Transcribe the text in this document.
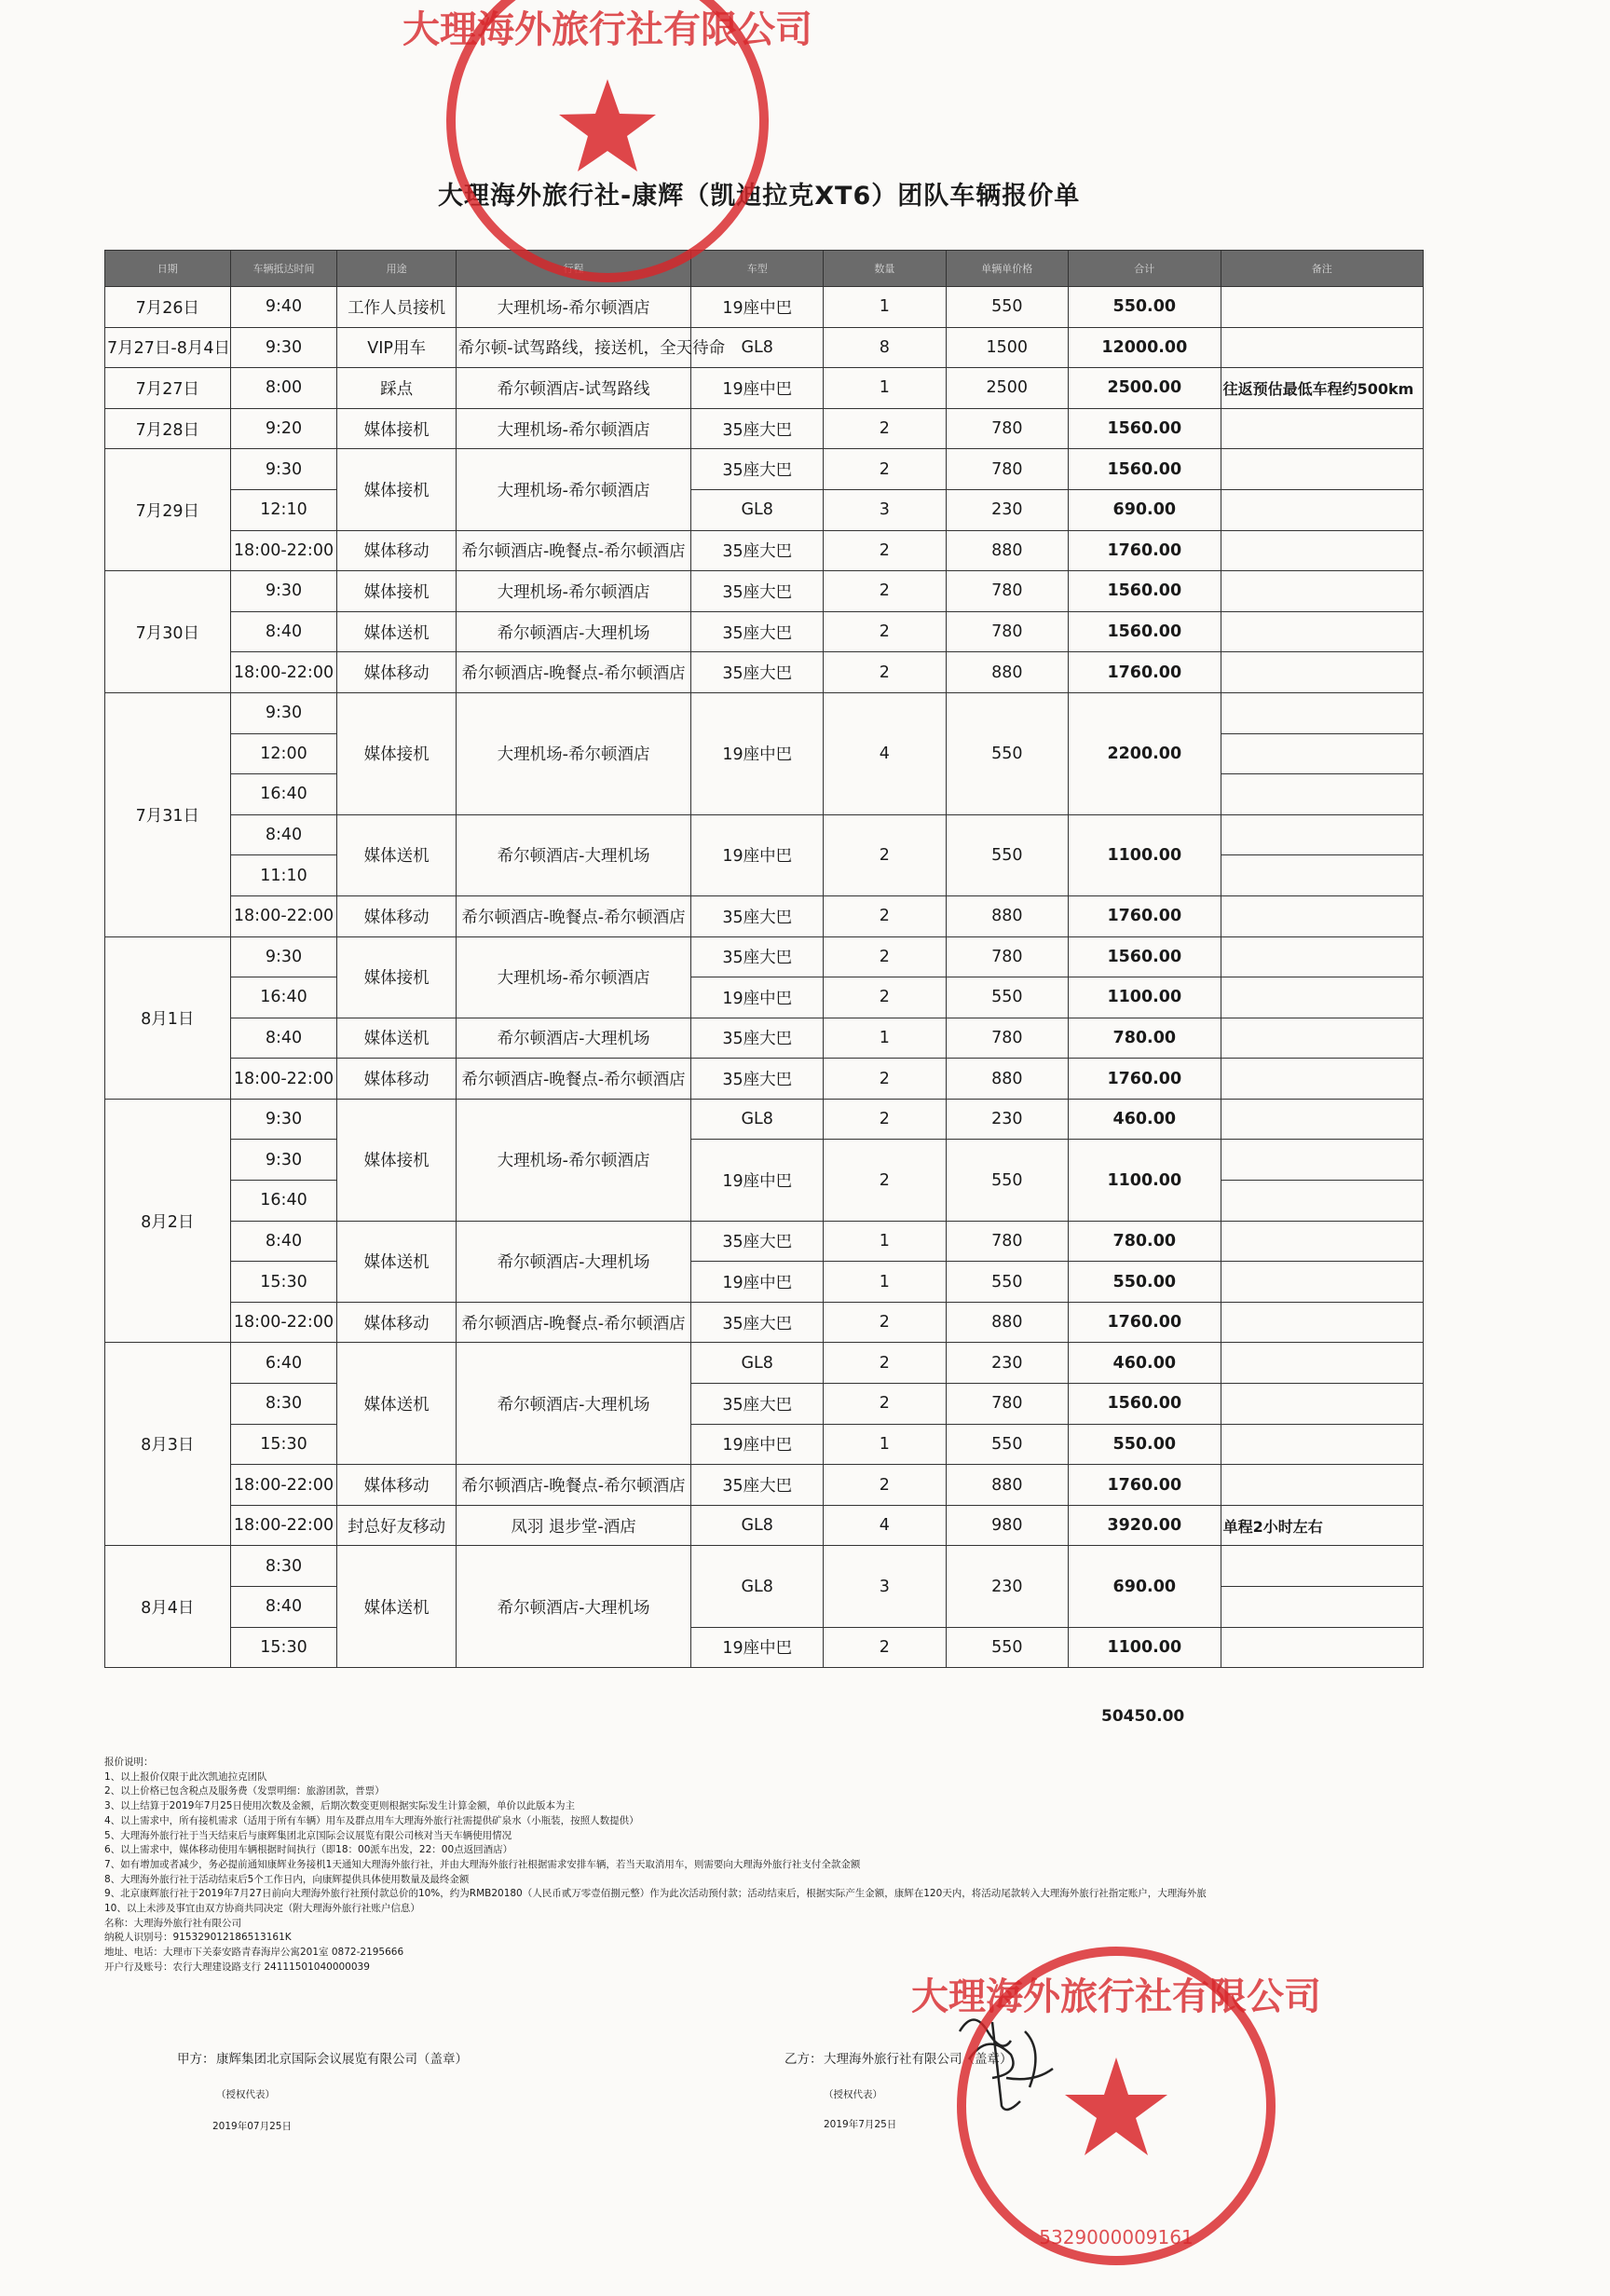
大理海外旅行社-康辉（凯迪拉克XT6）团队车辆报价单
日期	车辆抵达时间	用途	行程	车型	数量	单辆单价格	合计	备注
7月26日	9:40	工作人员接机	大理机场-希尔顿酒店	19座中巴	1	550	550.00	
7月27日-8月4日	9:30	VIP用车	希尔顿-试驾路线，接送机，全天待命	GL8	8	1500	12000.00	
7月27日	8:00	踩点	希尔顿酒店-试驾路线	19座中巴	1	2500	2500.00	往返预估最低车程约500km
7月28日	9:20	媒体接机	大理机场-希尔顿酒店	35座大巴	2	780	1560.00	
7月29日	9:30	媒体接机	大理机场-希尔顿酒店	35座大巴	2	780	1560.00	
	12:10			GL8	3	230	690.00	
	18:00-22:00	媒体移动	希尔顿酒店-晚餐点-希尔顿酒店	35座大巴	2	880	1760.00	
7月30日	9:30	媒体接机	大理机场-希尔顿酒店	35座大巴	2	780	1560.00	
	8:40	媒体送机	希尔顿酒店-大理机场	35座大巴	2	780	1560.00	
	18:00-22:00	媒体移动	希尔顿酒店-晚餐点-希尔顿酒店	35座大巴	2	880	1760.00	
7月31日	9:30	媒体接机	大理机场-希尔顿酒店	19座中巴	4	550	2200.00	
	12:00							
	16:40							
	8:40	媒体送机	希尔顿酒店-大理机场	19座中巴	2	550	1100.00	
	11:10							
	18:00-22:00	媒体移动	希尔顿酒店-晚餐点-希尔顿酒店	35座大巴	2	880	1760.00	
8月1日	9:30	媒体接机	大理机场-希尔顿酒店	35座大巴	2	780	1560.00	
	16:40			19座中巴	2	550	1100.00	
	8:40	媒体送机	希尔顿酒店-大理机场	35座大巴	1	780	780.00	
	18:00-22:00	媒体移动	希尔顿酒店-晚餐点-希尔顿酒店	35座大巴	2	880	1760.00	
8月2日	9:30	媒体接机	大理机场-希尔顿酒店	GL8	2	230	460.00	
	9:30			19座中巴	2	550	1100.00	
	16:40							
	8:40	媒体送机	希尔顿酒店-大理机场	35座大巴	1	780	780.00	
	15:30			19座中巴	1	550	550.00	
	18:00-22:00	媒体移动	希尔顿酒店-晚餐点-希尔顿酒店	35座大巴	2	880	1760.00	
8月3日	6:40	媒体送机	希尔顿酒店-大理机场	GL8	2	230	460.00	
	8:30			35座大巴	2	780	1560.00	
	15:30			19座中巴	1	550	550.00	
	18:00-22:00	媒体移动	希尔顿酒店-晚餐点-希尔顿酒店	35座大巴	2	880	1760.00	
	18:00-22:00	封总好友移动	凤羽 退步堂-酒店	GL8	4	980	3920.00	单程2小时左右
8月4日	8:30	媒体送机	希尔顿酒店-大理机场	GL8	3	230	690.00	
	8:40							
	15:30			19座中巴	2	550	1100.00	
50450.00
报价说明：
1、以上报价仅限于此次凯迪拉克团队
2、以上价格已包含税点及服务费（发票明细：旅游团款，普票）
3、以上结算于2019年7月25日使用次数及金额，后期次数变更则根据实际发生计算金额，单价以此版本为主
4、以上需求中，所有接机需求（适用于所有车辆）用车及群点用车大理海外旅行社需提供矿泉水（小瓶装，按照人数提供）
5、大理海外旅行社于当天结束后与康辉集团北京国际会议展览有限公司核对当天车辆使用情况
6、以上需求中，媒体移动使用车辆根据时间执行（即18：00派车出发，22：00点返回酒店）
7、如有增加或者减少，务必提前通知康辉业务接机1天通知大理海外旅行社，并由大理海外旅行社根据需求安排车辆，若当天取消用车，则需要向大理海外旅行社支付全款金额
8、大理海外旅行社于活动结束后5个工作日内，向康辉提供具体使用数量及最终金额
9、北京康辉旅行社于2019年7月27日前向大理海外旅行社预付款总价的10%，约为RMB20180（人民币贰万零壹佰捌元整）作为此次活动预付款；活动结束后，根据实际产生金额，康辉在120天内，将活动尾款转入大理海外旅行社指定账户，大理海外旅
10、以上未涉及事宜由双方协商共同决定（附大理海外旅行社账户信息）
名称：大理海外旅行社有限公司
纳税人识别号：915329012186513161K
地址、电话：大理市下关泰安路青春海岸公寓201室 0872-2195666
开户行及账号：农行大理建设路支行 24111501040000039
甲方： 康辉集团北京国际会议展览有限公司（盖章）
（授权代表）
2019年07月25日
乙方： 大理海外旅行社有限公司（盖章）
（授权代表）
2019年7月25日
大理海外旅行社有限公司
大理海外旅行社有限公司
5329000009161
